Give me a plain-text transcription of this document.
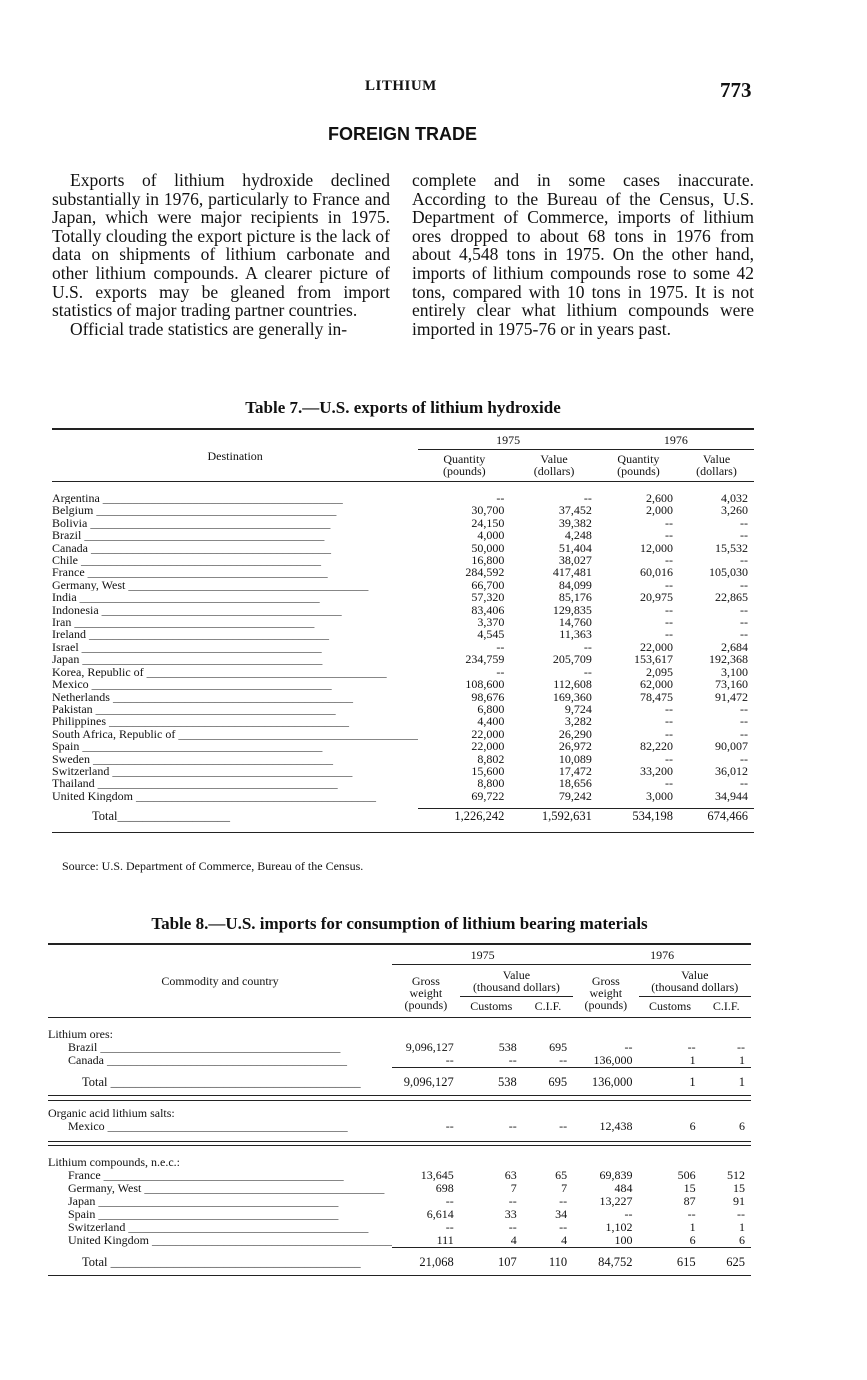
LITHIUM	773
FOREIGN TRADE

Exports of lithium hydroxide declined substantially in 1976, particularly to France and Japan, which were major recipients in 1975. Totally clouding the export picture is the lack of data on shipments of lithium carbonate and other lithium compounds. A clearer picture of U.S. exports may be gleaned from import statistics of major trading partner countries.

Official trade statistics are generally in-

complete and in some cases inaccurate. According to the Bureau of the Census, U.S. Department of Commerce, imports of lithium ores dropped to about 68 tons in 1976 from about 4,548 tons in 1975. On the other hand, imports of lithium compounds rose to some 42 tons, compared with 10 tons in 1975. It is not entirely clear what lithium compounds were imported in 1975-76 or in years past.

Table 7.—U.S. exports of lithium hydroxide
Destination	1975		1976	
	Quantity
(pounds)	Value
(dollars)	Quantity
(pounds)	Value
(dollars)

Argentina ________________________________________	--	--	2,600	4,032
Belgium ________________________________________	30,700	37,452	2,000	3,260
Bolivia ________________________________________	24,150	39,382	--	--
Brazil ________________________________________	4,000	4,248	--	--
Canada ________________________________________	50,000	51,404	12,000	15,532
Chile ________________________________________	16,800	38,027	--	--
France ________________________________________	284,592	417,481	60,016	105,030
Germany, West ________________________________________	66,700	84,099	--	--
India ________________________________________	57,320	85,176	20,975	22,865
Indonesia ________________________________________	83,406	129,835	--	--
Iran ________________________________________	3,370	14,760	--	--
Ireland ________________________________________	4,545	11,363	--	--
Israel ________________________________________	--	--	22,000	2,684
Japan ________________________________________	234,759	205,709	153,617	192,368
Korea, Republic of ________________________________________	--	--	2,095	3,100
Mexico ________________________________________	108,600	112,608	62,000	73,160
Netherlands ________________________________________	98,676	169,360	78,475	91,472
Pakistan ________________________________________	6,800	9,724	--	--
Philippines ________________________________________	4,400	3,282	--	--
South Africa, Republic of ________________________________________	22,000	26,290	--	--
Spain ________________________________________	22,000	26,972	82,220	90,007
Sweden ________________________________________	8,802	10,089	--	--
Switzerland ________________________________________	15,600	17,472	33,200	36,012
Thailand ________________________________________	8,800	18,656	--	--
United Kingdom ________________________________________	69,722	79,242	3,000	34,944

Total__________________	1,226,242	1,592,631	534,198	674,466
Source: U.S. Department of Commerce, Bureau of the Census.
Table 8.—U.S. imports for consumption of lithium bearing materials
Commodity and country	1975			1976		
	Gross
weight
(pounds)	Value
(thousand dollars)		Gross
weight
(pounds)	Value
(thousand dollars)	
		Customs	C.I.F.		Customs	C.I.F.

Lithium ores:						
Brazil ________________________________________	9,096,127	538	695	--	--	--
Canada ________________________________________	--	--	--	136,000	1	1
Total ________________________________________	9,096,127	538	695	136,000	1	1

Organic acid lithium salts:						
Mexico ________________________________________	--	--	--	12,438	6	6

Lithium compounds, n.e.c.:						
France ________________________________________	13,645	63	65	69,839	506	512
Germany, West ________________________________________	698	7	7	484	15	15
Japan ________________________________________	--	--	--	13,227	87	91
Spain ________________________________________	6,614	33	34	--	--	--
Switzerland ________________________________________	--	--	--	1,102	1	1
United Kingdom ________________________________________	111	4	4	100	6	6
Total ________________________________________	21,068	107	110	84,752	615	625
